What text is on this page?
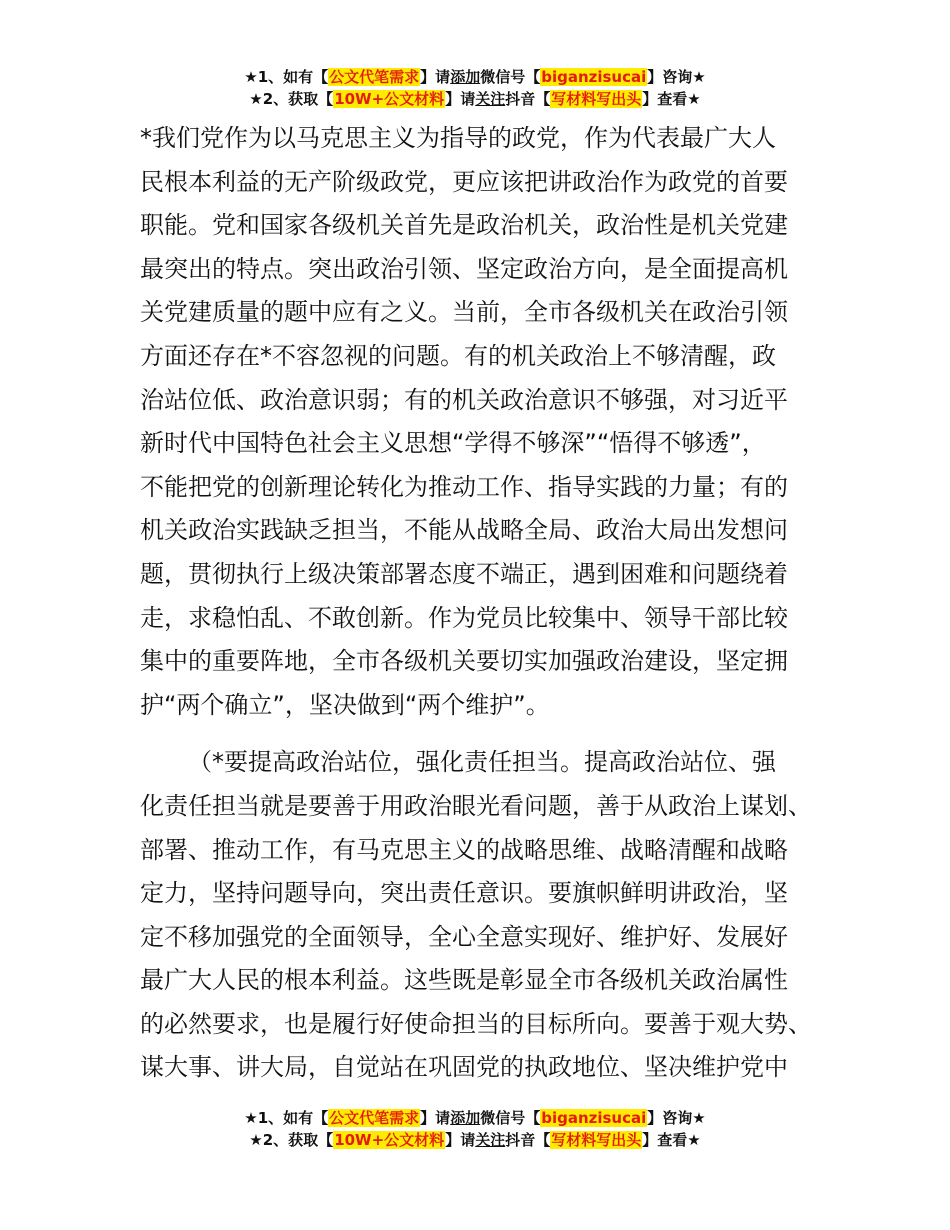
★1、如有【公文代笔需求】请添加微信号【biganzisucai】咨询★
★2、获取【10W+公文材料】请关注抖音【写材料写出头】查看★

*我们党作为以马克思主义为指导的政党，作为代表最广大人
民根本利益的无产阶级政党，更应该把讲政治作为政党的首要
职能。党和国家各级机关首先是政治机关，政治性是机关党建
最突出的特点。突出政治引领、坚定政治方向，是全面提高机
关党建质量的题中应有之义。当前，全市各级机关在政治引领
方面还存在*不容忽视的问题。有的机关政治上不够清醒，政
治站位低、政治意识弱；有的机关政治意识不够强，对习近平
新时代中国特色社会主义思想“学得不够深”“悟得不够透”，
不能把党的创新理论转化为推动工作、指导实践的力量；有的
机关政治实践缺乏担当，不能从战略全局、政治大局出发想问
题，贯彻执行上级决策部署态度不端正，遇到困难和问题绕着
走，求稳怕乱、不敢创新。作为党员比较集中、领导干部比较
集中的重要阵地，全市各级机关要切实加强政治建设，坚定拥
护“两个确立”，坚决做到“两个维护”。

（*要提高政治站位，强化责任担当。提高政治站位、强
化责任担当就是要善于用政治眼光看问题，善于从政治上谋划、
部署、推动工作，有马克思主义的战略思维、战略清醒和战略
定力，坚持问题导向，突出责任意识。要旗帜鲜明讲政治，坚
定不移加强党的全面领导，全心全意实现好、维护好、发展好
最广大人民的根本利益。这些既是彰显全市各级机关政治属性
的必然要求，也是履行好使命担当的目标所向。要善于观大势、
谋大事、讲大局，自觉站在巩固党的执政地位、坚决维护党中

★1、如有【公文代笔需求】请添加微信号【biganzisucai】咨询★
★2、获取【10W+公文材料】请关注抖音【写材料写出头】查看★
